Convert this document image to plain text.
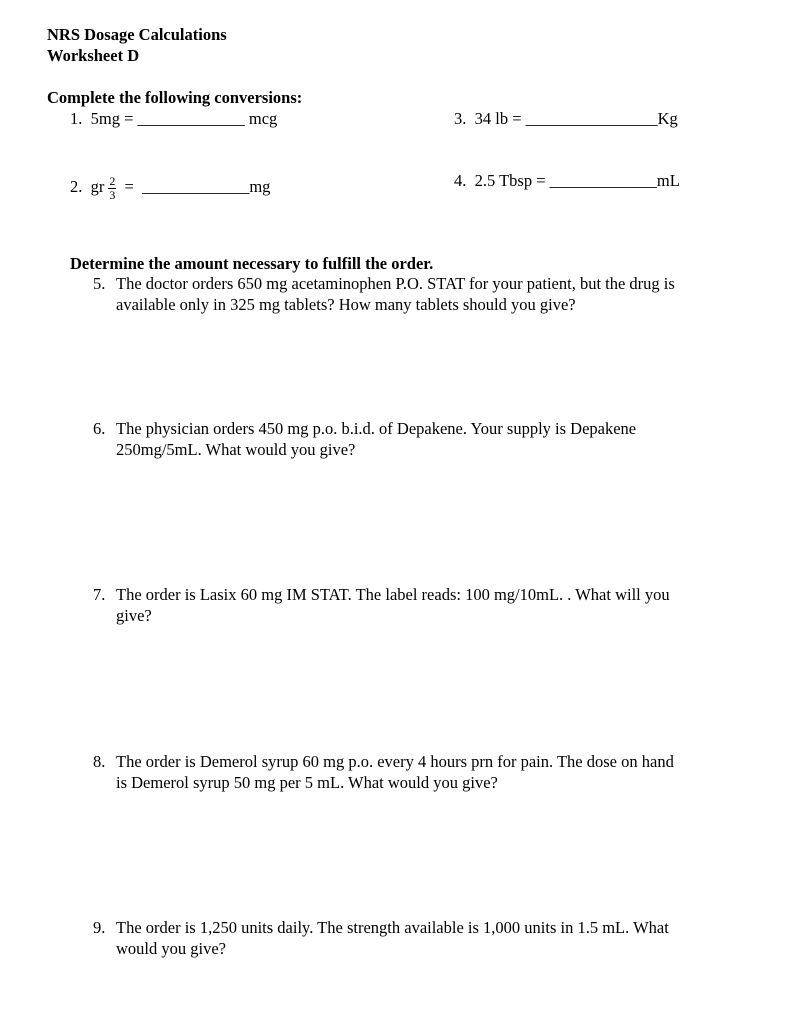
NRS Dosage Calculations
Worksheet D
Complete the following conversions:
1. 5mg = _____________ mcg
2. gr $\frac{2}{3}$ = _____________mg
3. 34 lb = ________________Kg
4. 2.5 Tbsp = _____________mL
Determine the amount necessary to fulfill the order.
5. The doctor orders 650 mg acetaminophen P.O. STAT for your patient, but the drug is
available only in 325 mg tablets? How many tablets should you give?
6. The physician orders 450 mg p.o. b.i.d. of Depakene. Your supply is Depakene
250mg/5mL. What would you give?
7. The order is Lasix 60 mg IM STAT. The label reads: 100 mg/10mL. . What will you
give?
8. The order is Demerol syrup 60 mg p.o. every 4 hours prn for pain. The dose on hand
is Demerol syrup 50 mg per 5 mL. What would you give?
9. The order is 1,250 units daily. The strength available is 1,000 units in 1.5 mL. What
would you give?
